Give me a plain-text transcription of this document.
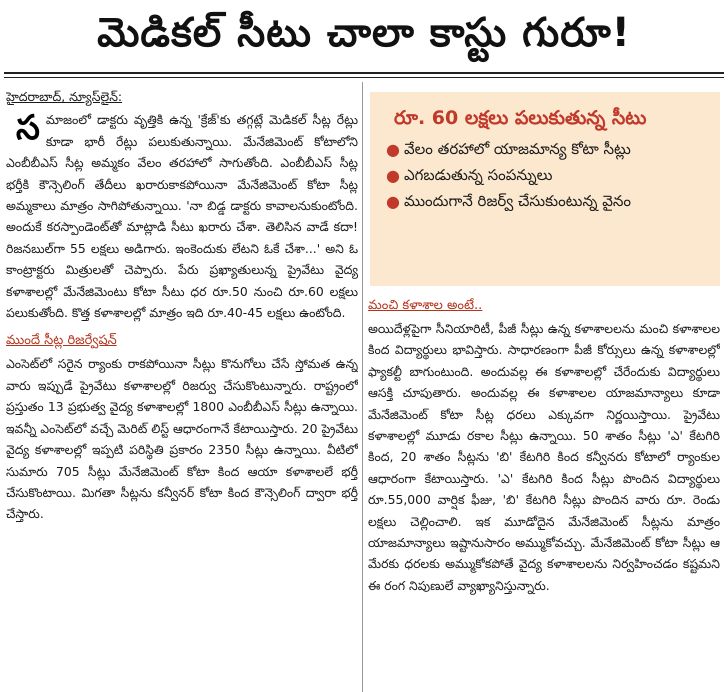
మెడికల్ సీటు చాలా కాస్టు గురూ!
హైదరాబాద్, న్యూస్‌లైన్:

స మాజంలో డాక్టరు వృత్తికి ఉన్న 'క్రేజ్'కు తగ్గట్లే మెడికల్ సీట్ల రేట్లు కూడా భారీ రేట్లు పలుకుతున్నాయి. మేనేజిమెంట్ కోటాలోని ఎంబీబీఎస్ సీట్ల అమ్మకం వేలం తరహాలో సాగుతోంది. ఎంబీబీఎస్ సీట్ల భర్తీకి కౌన్సెలింగ్ తేదీలు ఖరారుకాకపోయినా మేనేజిమెంట్ కోటా సీట్ల అమ్మకాలు మాత్రం సాగిపోతున్నాయి. 'నా బిడ్డ డాక్టరు కావాలనుకుంటోంది. అందుకే కరస్పాండెంట్‌తో మాట్లాడి సీటు ఖరారు చేశా. తెలిసిన వాడే కదా! రిజనబుల్‌గా 55 లక్షలు అడిగారు. ఇంకెందుకు లేటని ఓకే చేశా...' అని ఓ కాంట్రాక్టరు మిత్రులతో చెప్పారు. పేరు ప్రఖ్యాతులున్న ప్రైవేటు వైద్య కళాశాలల్లో మేనేజిమెంటు కోటా సీటు ధర రూ.50 నుంచి రూ.60 లక్షలు పలుకుతోంది. కొత్త కళాశాలల్లో మాత్రం ఇది రూ.40-45 లక్షలు ఉంటోంది.

ముందే సీట్ల రిజర్వేషన్

ఎంసెట్‌లో సరైన ర్యాంకు రాకపోయినా సీట్లు కొనుగోలు చేసే స్తోమత ఉన్న వారు ఇప్పుడే ప్రైవేటు కళాశాలల్లో రిజర్వు చేసుకొంటున్నారు. రాష్ట్రంలో ప్రస్తుతం 13 ప్రభుత్వ వైద్య కళాశాలల్లో 1800 ఎంబీబీఎస్ సీట్లు ఉన్నాయి. ఇవన్నీ ఎంసెట్‌లో వచ్చే మెరిట్ లిస్ట్ ఆధారంగానే కేటాయిస్తారు. 20 ప్రైవేటు వైద్య కళాశాలల్లో ఇప్పటి పరిస్థితి ప్రకారం 2350 సీట్లు ఉన్నాయి. వీటిలో సుమారు 705 సీట్లు మేనేజిమెంట్ కోటా కింద ఆయా కళాశాలలే భర్తీ చేసుకొంటాయి. మిగతా సీట్లను కన్వీనర్ కోటా కింద కౌన్సెలింగ్ ద్వారా భర్తీ చేస్తారు.

రూ. 60 లక్షలు పలుకుతున్న సీటు
● వేలం తరహాలో యాజమాన్య కోటా సీట్లు
● ఎగబడుతున్న సంపన్నులు
● ముందుగానే రిజర్వ్ చేసుకుంటున్న వైనం
మంచి కళాశాల అంటే..

అయిదేళ్లపైగా సీనియారిటీ, పీజీ సీట్లు ఉన్న కళాశాలలను మంచి కళాశాలల కింద విద్యార్థులు భావిస్తారు. సాధారణంగా పీజీ కోర్సులు ఉన్న కళాశాలల్లో ఫ్యాకల్టీ బాగుంటుంది. అందువల్ల ఈ కళాశాలల్లో చేరేందుకు విద్యార్థులు ఆసక్తి చూపుతారు. అందువల్ల ఈ కళాశాలల యాజమాన్యాలు కూడా మేనేజిమెంట్ కోటా సీట్ల ధరలు ఎక్కువగా నిర్ణయిస్తాయి. ప్రైవేటు కళాశాలల్లో మూడు రకాల సీట్లు ఉన్నాయి. 50 శాతం సీట్లు 'ఎ' కేటగిరి కింద, 20 శాతం సీట్లను 'బి' కేటగిరి కింద కన్వీనరు కోటాలో ర్యాంకుల ఆధారంగా కేటాయిస్తారు. 'ఎ' కేటగిరి కింద సీట్లు పొందిన విద్యార్థులు రూ.55,000 వార్షిక ఫీజు, 'బి' కేటగిరి సీట్లు పొందిన వారు రూ. రెండు లక్షలు చెల్లించాలి. ఇక మూడోదైన మేనేజిమెంట్ సీట్లను మాత్రం యాజమాన్యాలు ఇష్టానుసారం అమ్ముకోవచ్చు. మేనేజిమెంట్ కోటా సీట్లు ఆ మేరకు ధరలకు అమ్ముకోకపోతే వైద్య కళాశాలలను నిర్వహించడం కష్టమని ఈ రంగ నిపుణులే వ్యాఖ్యానిస్తున్నారు.
